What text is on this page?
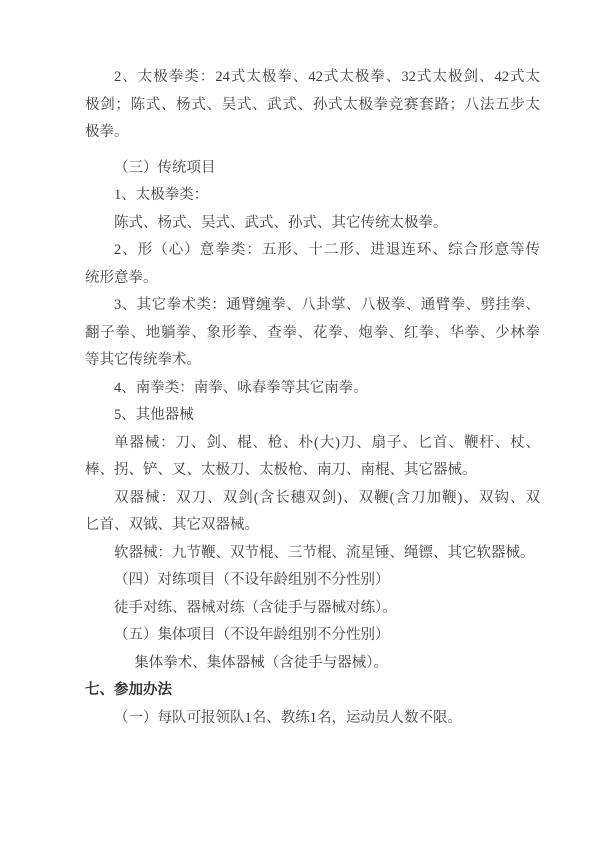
2、太极拳类：24式太极拳、42式太极拳、32式太极剑、42式太
极剑；陈式、杨式、吴式、武式、孙式太极拳竞赛套路；八法五步太
极拳。
（三）传统项目
1、太极拳类：
陈式、杨式、吴式、武式、孙式、其它传统太极拳。
2、形（心）意拳类：五形、十二形、进退连环、综合形意等传
统形意拳。
3、其它拳术类：通臂缠拳、八卦掌、八极拳、通臂拳、劈挂拳、
翻子拳、地躺拳、象形拳、查拳、花拳、炮拳、红拳、华拳、少林拳
等其它传统拳术。
4、南拳类：南拳、咏春拳等其它南拳。
5、其他器械
单器械：刀、剑、棍、枪、朴(大)刀、扇子、匕首、鞭杆、杖、
棒、拐、铲、叉、太极刀、太极枪、南刀、南棍、其它器械。
双器械：双刀、双剑(含长穗双剑)、双鞭(含刀加鞭)、双钩、双
匕首、双钺、其它双器械。
软器械：九节鞭、双节棍、三节棍、流星锤、绳镖、其它软器械。
（四）对练项目（不设年龄组别不分性别）
徒手对练、器械对练（含徒手与器械对练）。
（五）集体项目（不设年龄组别不分性别）
集体拳术、集体器械（含徒手与器械）。
七、参加办法
（一）每队可报领队1名、教练1名，运动员人数不限。
